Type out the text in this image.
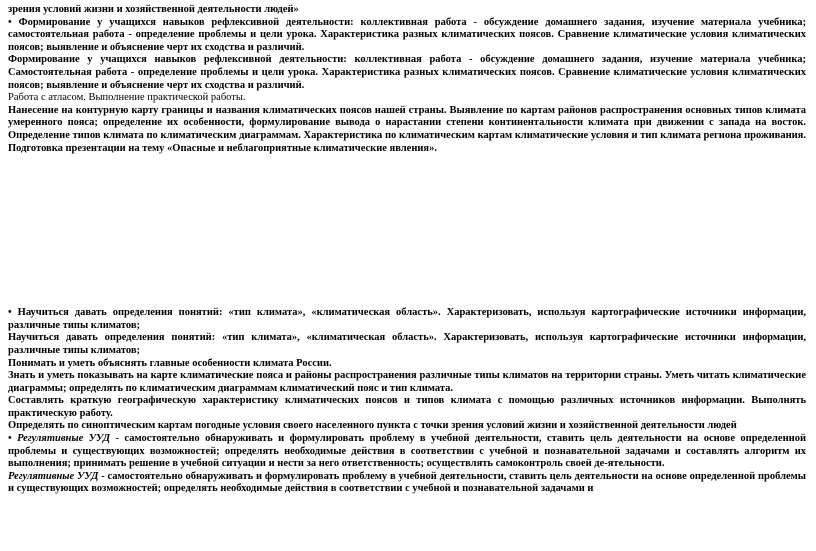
зрения условий жизни и хозяйственной деятельности людей»
• Формирование у учащихся навыков рефлексивной деятельности: коллективная работа - обсуждение домашнего задания, изучение материала учебника; самостоятельная работа - определение проблемы и цели урока. Характеристика разных климатических поясов. Сравнение климатические условия климатических поясов; выявление и объяснение черт их сходства и различий.
Формирование у учащихся навыков рефлексивной деятельности: коллективная работа - обсуждение домашнего задания, изучение материала учебника; Самостоятельная работа - определение проблемы и цели урока. Характеристика разных климатических поясов. Сравнение климатические условия климатических поясов; выявление и объяснение черт их сходства и различий.
Работа с атласом. Выполнение практической работы.
Нанесение на контурную карту границы и названия климатических поясов нашей страны. Выявление по картам районов распространения основных типов климата умеренного пояса; определение их особенности, формулирование вывода о нарастании степени континентальности климата при движении с запада на восток. Определение типов климата по климатическим диаграммам. Характеристика по климатическим картам климатические условия и тип климата региона проживания. Подготовка презентации на тему «Опасные и неблагоприятные климатические явления».
• Научиться давать определения понятий: «тип климата», «климатическая область». Характеризовать, используя картографические источники информации, различные типы климатов;
Научиться давать определения понятий: «тип климата», «климатическая область». Характеризовать, используя картографические источники информации, различные типы климатов;
Понимать и уметь объяснять главные особенности климата России.
Знать и уметь показывать на карте климатические пояса и районы распространения различные типы климатов на территории страны. Уметь читать климатические диаграммы; определять по климатическим диаграммам климатический пояс и тип климата.
Составлять краткую географическую характеристику климатических поясов и типов климата с помощью различных источников информации. Выполнять практическую работу.
Определять по синоптическим картам погодные условия своего населенного пункта с точки зрения условий жизни и хозяйственной деятельности людей
• Регулятивные УУД - самостоятельно обнаруживать и формулировать проблему в учебной деятельности, ставить цель деятельности на основе определенной проблемы и существующих возможностей; определять необходимые действия в соответствии с учебной и познавательной задачами и составлять алгоритм их выполнения; принимать решение в учебной ситуации и нести за него ответственность; осуществлять самоконтроль своей де-ятельности.
Регулятивные УУД - самостоятельно обнаруживать и формулировать проблему в учебной деятельности, ставить цель деятельности на основе определенной проблемы и существующих возможностей; определять необходимые действия в соответствии с учебной и познавательной задачами и
